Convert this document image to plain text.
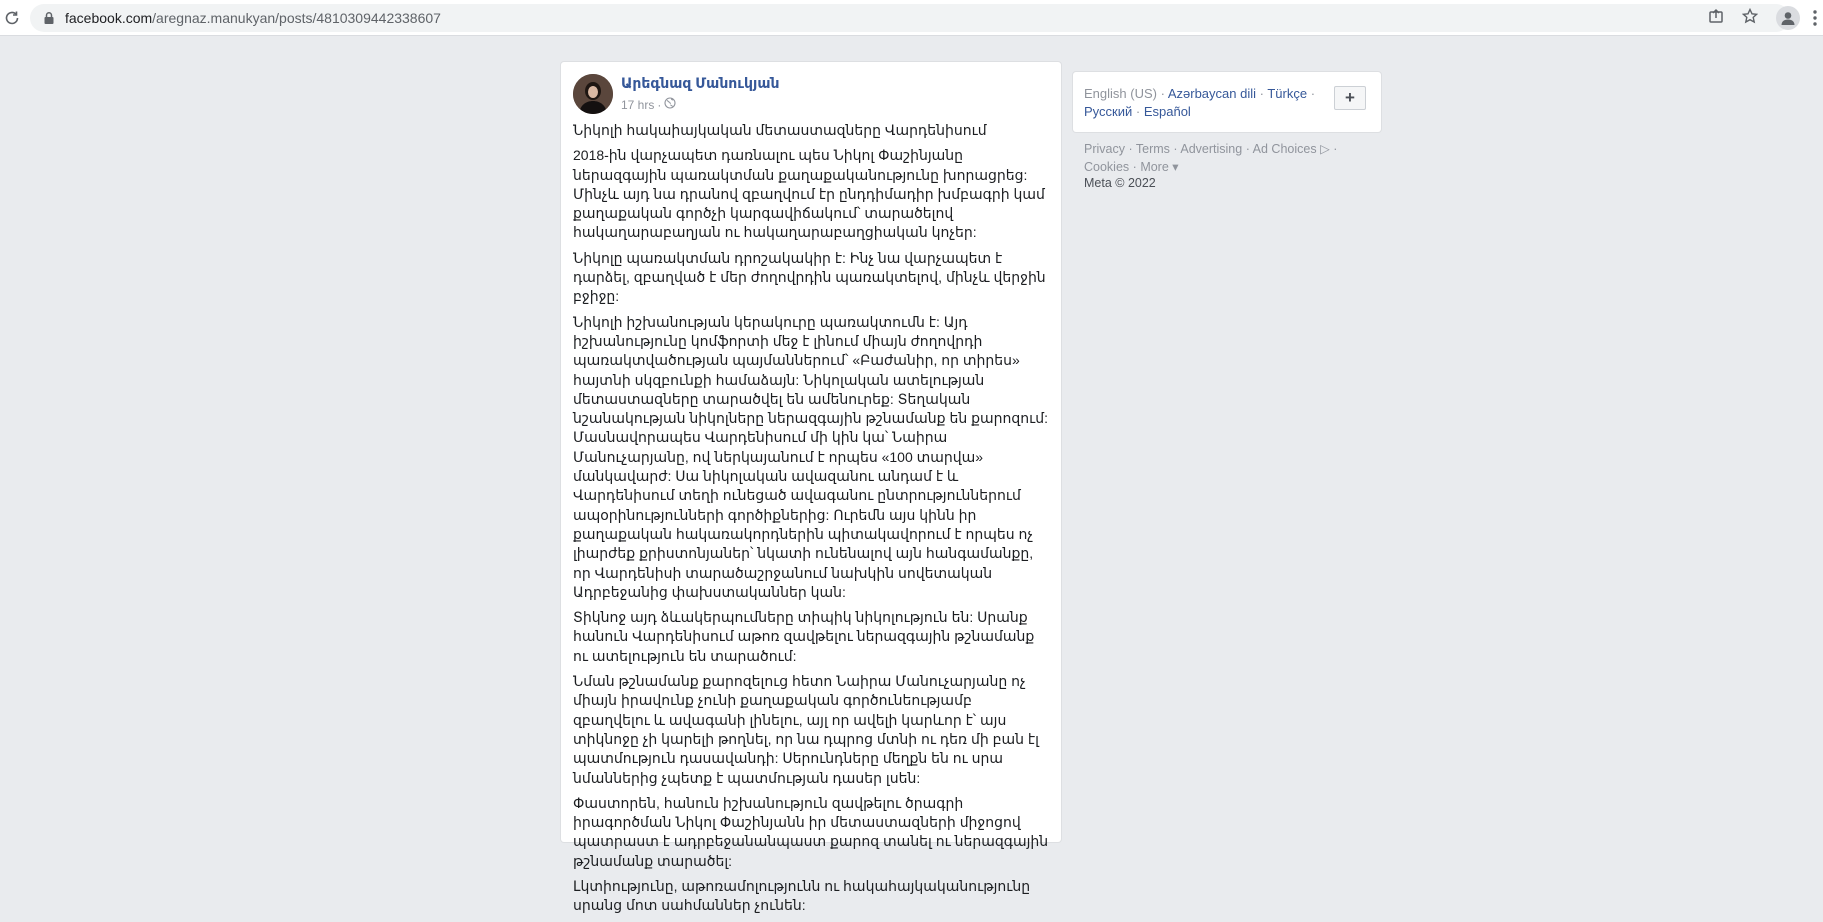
facebook.com/aregnaz.manukyan/posts/4810309442338607
Արեգնազ Մանուկյան
17 hrs ·

Նիկոլի հակաիայկական մետաստազները Վարդենիսում

2018-ին վարչապետ դառնալու պես Նիկոլ Փաշինյանը ներազգային պառակտման քաղաքականությունը խորացրեց: Մինչև այդ նա դրանով զբաղվում էր ընդդիմադիր խմբագրի կամ քաղաքական գործչի կարգավիճակում՝ տարածելով հակաղարաբաղյան ու հակաղարաբաղցիական կոչեր:

Նիկոլը պառակտման դրոշակակիր է: Ինչ նա վարչապետ է դարձել, զբաղված է մեր ժողովրդին պառակտելով, մինչև վերջին բջիջը:

Նիկոլի իշխանության կերակուրը պառակտումն է: Այդ իշխանությունը կոմֆորտի մեջ է լինում միայն ժողովրդի պառակտվածության պայմաններում՝ «Բաժանիր, որ տիրես» հայտնի սկզբունքի համաձայն: Նիկոլական ատելության մետաստազները տարածվել են ամենուրեք: Տեղական նշանակության նիկոլները ներազգային թշնամանք են քարոզում: Մասնավորապես Վարդենիսում մի կին կա՝ Նաիրա Մանուչարյանը, ով ներկայանում է որպես «100 տարվա» մանկավարժ: Սա նիկոլական ավազանու անդամ է և Վարդենիսում տեղի ունեցած ավագանու ընտրություններում ապօրինությունների գործիքներից: Ուրեմն այս կինն իր քաղաքական հակառակորդներին պիտակավորում է որպես ոչ լիարժեք քրիստոնյաներ՝ նկատի ունենալով այն հանգամանքը, որ Վարդենիսի տարածաշրջանում նախկին սովետական Ադրբեջանից փախստականներ կան:

Տիկնոջ այդ ձևակերպումները տիպիկ նիկոլություն են: Սրանք հանուն Վարդենիսում աթոռ զավթելու ներազգային թշնամանք ու ատելություն են տարածում:

Նման թշնամանք քարոզելուց հետո Նաիրա Մանուչարյանը ոչ միայն իրավունք չունի քաղաքական գործունեությամբ զբաղվելու և ավագանի լինելու, այլ որ ավելի կարևոր է՝ այս տիկնոջը չի կարելի թողնել, որ նա դպրոց մտնի ու դեռ մի բան էլ պատմություն դասավանդի: Սերունդները մեղքն են ու սրա նմաններից չպետք է պատմության դասեր լսեն:

Փաստորեն, հանուն իշխանություն զավթելու ծրագրի իրագործման Նիկոլ Փաշինյանն իր մետաստազների միջոցով պատրաստ է ադրբեջանանպաստ քարոզ տանել ու ներազգային թշնամանք տարածել:

Լկտիությունը, աթոռամոլությունն ու հակահայկականությունը սրանց մոտ սահմաններ չունեն:

English (US) · Azərbaycan dili · Türkçe · Русский · Español
+
Privacy · Terms · Advertising · Ad Choices ▷ · Cookies · More ▾
Meta © 2022
